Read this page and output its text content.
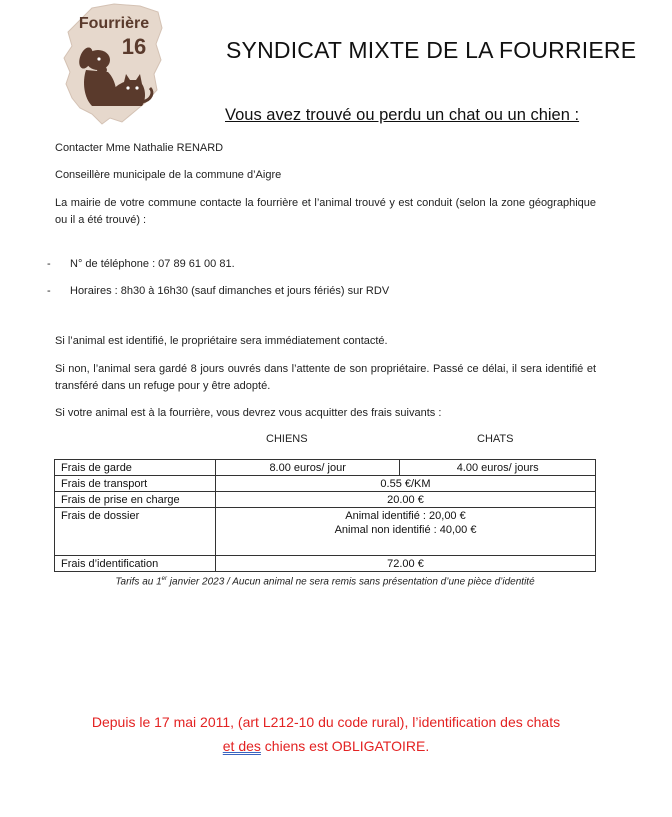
Fourrière
16	SYNDICAT MIXTE DE LA FOURRIERE
Vous avez trouvé ou perdu un chat ou un chien :
Contacter Mme Nathalie RENARD
Conseillère municipale de la commune d’Aigre
La mairie de votre commune contacte la fourrière et l’animal trouvé y est conduit (selon la zone géographique ou il a été trouvé) :
- N° de téléphone : 07 89 61 00 81.
- Horaires : 8h30 à 16h30 (sauf dimanches et jours fériés) sur RDV
Si l’animal est identifié, le propriétaire sera immédiatement contacté.
Si non, l’animal sera gardé 8 jours ouvrés dans l’attente de son propriétaire. Passé ce délai, il sera identifié et transféré dans un refuge pour y être adopté.
Si votre animal est à la fourrière, vous devrez vous acquitter des frais suivants :
CHIENS	CHATS
Frais de garde	8.00 euros/ jour	4.00 euros/ jours
Frais de transport	0.55 €/KM	
Frais de prise en charge	20.00 €	
Frais de dossier	Animal identifié : 20,00 €
Animal non identifié : 40,00 €	

Frais d’identification	72.00 €	
Tarifs au 1er janvier 2023 / Aucun animal ne sera remis sans présentation d’une pièce d’identité
Depuis le 17 mai 2011, (art L212-10 du code rural), l’identification des chats
et des chiens est OBLIGATOIRE.
